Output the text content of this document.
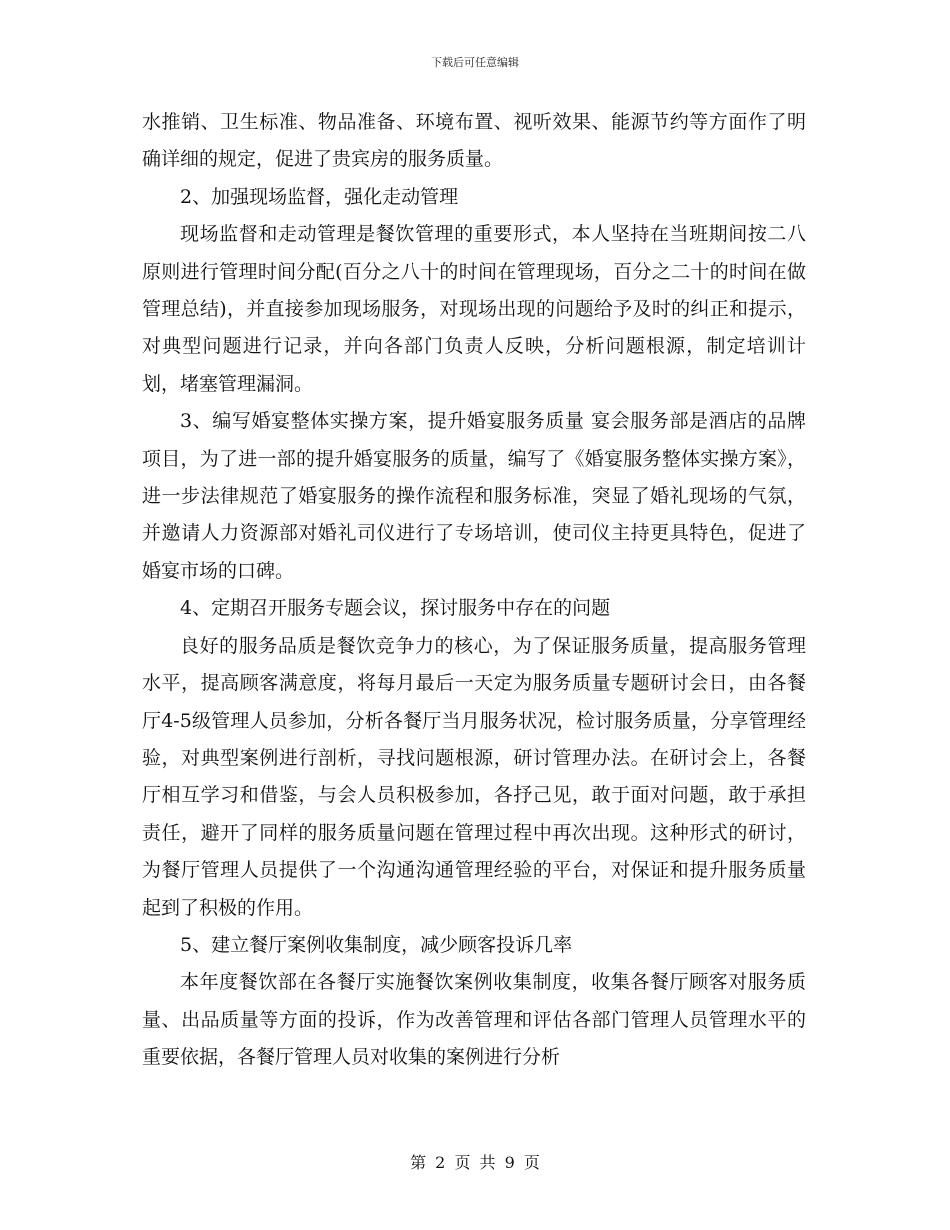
下载后可任意编辑

水推销、卫生标准、物品准备、环境布置、视听效果、能源节约等方面作了明确详细的规定，促进了贵宾房的服务质量。

2、加强现场监督，强化走动管理

现场监督和走动管理是餐饮管理的重要形式，本人坚持在当班期间按二八原则进行管理时间分配(百分之八十的时间在管理现场，百分之二十的时间在做管理总结)，并直接参加现场服务，对现场出现的问题给予及时的纠正和提示，对典型问题进行记录，并向各部门负责人反映，分析问题根源，制定培训计划，堵塞管理漏洞。

3、编写婚宴整体实操方案，提升婚宴服务质量 宴会服务部是酒店的品牌项目，为了进一部的提升婚宴服务的质量，编写了《婚宴服务整体实操方案》，进一步法律规范了婚宴服务的操作流程和服务标准，突显了婚礼现场的气氛，并邀请人力资源部对婚礼司仪进行了专场培训，使司仪主持更具特色，促进了婚宴市场的口碑。

4、定期召开服务专题会议，探讨服务中存在的问题

良好的服务品质是餐饮竞争力的核心，为了保证服务质量，提高服务管理水平，提高顾客满意度，将每月最后一天定为服务质量专题研讨会日，由各餐厅4-5级管理人员参加，分析各餐厅当月服务状况，检讨服务质量，分享管理经验，对典型案例进行剖析，寻找问题根源，研讨管理办法。在研讨会上，各餐厅相互学习和借鉴，与会人员积极参加，各抒己见，敢于面对问题，敢于承担责任，避开了同样的服务质量问题在管理过程中再次出现。这种形式的研讨，为餐厅管理人员提供了一个沟通沟通管理经验的平台，对保证和提升服务质量起到了积极的作用。

5、建立餐厅案例收集制度，减少顾客投诉几率

本年度餐饮部在各餐厅实施餐饮案例收集制度，收集各餐厅顾客对服务质量、出品质量等方面的投诉，作为改善管理和评估各部门管理人员管理水平的重要依据，各餐厅管理人员对收集的案例进行分析

第 2 页 共 9 页
